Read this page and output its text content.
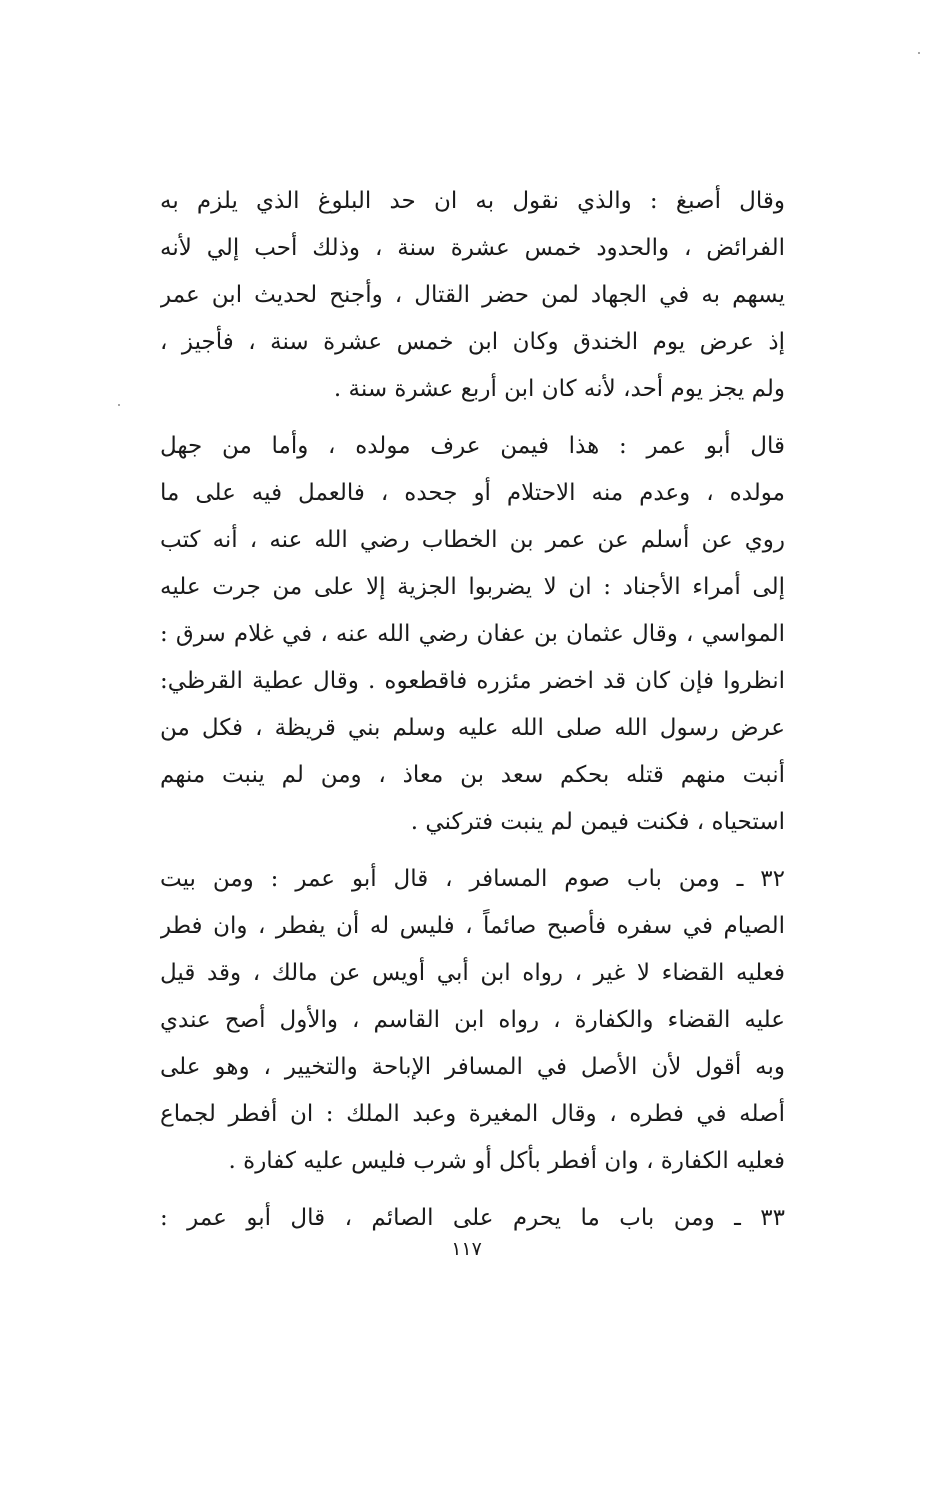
وقال أصبغ : والذي نقول به ان حد البلوغ الذي يلزم به
الفرائض ، والحدود خمس عشرة سنة ، وذلك أحب إلي لأنه
يسهم به في الجهاد لمن حضر القتال ، وأجنح لحديث ابن عمر
إذ عرض يوم الخندق وكان ابن خمس عشرة سنة ، فأجيز ،
ولم يجز يوم أحد، لأنه كان ابن أربع عشرة سنة .
قال أبو عمر : هذا فيمن عرف مولده ، وأما من جهل
مولده ، وعدم منه الاحتلام أو جحده ، فالعمل فيه على ما
روي عن أسلم عن عمر بن الخطاب رضي الله عنه ، أنه كتب
إلى أمراء الأجناد : ان لا يضربوا الجزية إلا على من جرت عليه
المواسي ، وقال عثمان بن عفان رضي الله عنه ، في غلام سرق :
انظروا فإن كان قد اخضر مئزره فاقطعوه . وقال عطية القرظي:
عرض رسول الله صلى الله عليه وسلم بني قريظة ، فكل من
أنبت منهم قتله بحكم سعد بن معاذ ، ومن لم ينبت منهم
استحياه ، فكنت فيمن لم ينبت فتركني .
٣٢ ـ ومن باب صوم المسافر ، قال أبو عمر : ومن بيت
الصيام في سفره فأصبح صائماً ، فليس له أن يفطر ، وان فطر
فعليه القضاء لا غير ، رواه ابن أبي أويس عن مالك ، وقد قيل
عليه القضاء والكفارة ، رواه ابن القاسم ، والأول أصح عندي
وبه أقول لأن الأصل في المسافر الإباحة والتخيير ، وهو على
أصله في فطره ، وقال المغيرة وعبد الملك : ان أفطر لجماع
فعليه الكفارة ، وان أفطر بأكل أو شرب فليس عليه كفارة .
٣٣ ـ ومن باب ما يحرم على الصائم ، قال أبو عمر :
١١٧
